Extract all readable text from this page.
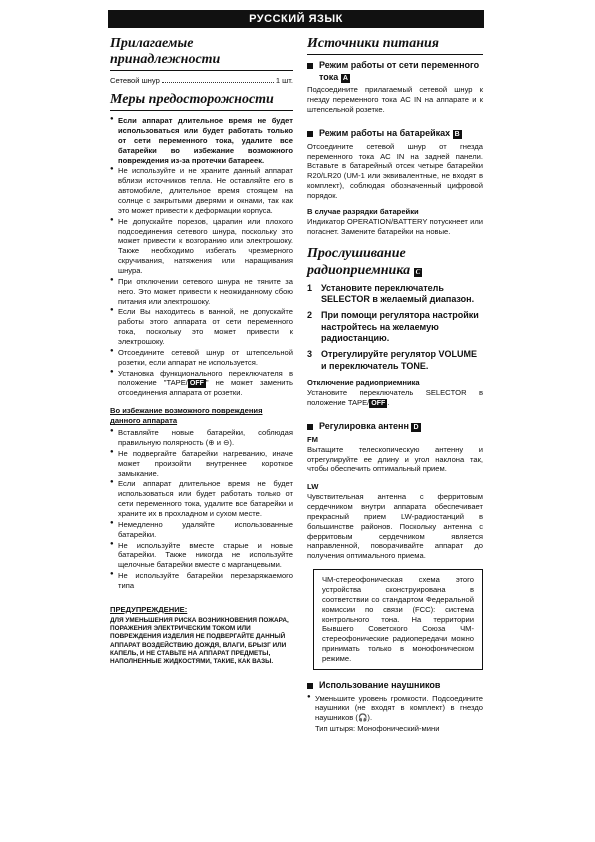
РУССКИЙ ЯЗЫК
Прилагаемые принадлежности
Сетевой шнур	1 шт.
Меры предосторожности
● Если аппарат длительное время не будет использоваться или будет работать только от сети переменного тока, удалите все батарейки во избежание возможного повреждения из-за протечки батареек.
● Не используйте и не храните данный аппарат вблизи источников тепла. Не оставляйте его в автомобиле, длительное время стоящем на солнце с закрытыми дверями и окнами, так как это может привести к деформации корпуса.
● Не допускайте порезов, царапин или плохого подсоединения сетевого шнура, поскольку это может привести к возгоранию или электрошоку. Также необходимо избегать чрезмерного скручивания, натяжения или наращивания шнура.
● При отключении сетевого шнура не тяните за него. Это может привести к неожиданному сбою питания или электрошоку.
● Если Вы находитесь в ванной, не допускайте работы этого аппарата от сети переменного тока, поскольку это может привести к электрошоку.
● Отсоедините сетевой шнур от штепсельной розетки, если аппарат не используется.
● Установка функционального переключателя в положение "TAPE/ OFF " не может заменить отсоединения аппарата от розетки.
Во избежание возможного повреждения данного аппарата
● Вставляйте новые батарейки, соблюдая правильную полярность (⊕ и ⊖).
● Не подвергайте батарейки нагреванию, иначе может произойти внутреннее короткое замыкание.
● Если аппарат длительное время не будет использоваться или будет работать только от сети переменного тока, удалите все батарейки и храните их в прохладном и сухом месте.
● Немедленно удаляйте использованные батарейки.
● Не используйте вместе старые и новые батарейки. Также никогда не используйте щелочные батарейки вместе с марганцевыми.
● Не используйте батарейки перезаряжаемого типа
ПРЕДУПРЕЖДЕНИЕ:
ДЛЯ УМЕНЬШЕНИЯ РИСКА ВОЗНИКНОВЕНИЯ ПОЖАРА, ПОРАЖЕНИЯ ЭЛЕКТРИЧЕСКИМ ТОКОМ ИЛИ ПОВРЕЖДЕНИЯ ИЗДЕЛИЯ НЕ ПОДВЕРГАЙТЕ ДАННЫЙ АППАРАТ ВОЗДЕЙСТВИЮ ДОЖДЯ, ВЛАГИ, БРЫЗГ ИЛИ КАПЕЛЬ, И НЕ СТАВЬТЕ НА АППАРАТ ПРЕДМЕТЫ, НАПОЛНЕННЫЕ ЖИДКОСТЯМИ, ТАКИЕ, КАК ВАЗЫ.
Источники питания
Режим работы от сети переменного тока A
Подсоедините прилагаемый сетевой шнур к гнезду переменного тока AC IN на аппарате и к штепсельной розетке.
Режим работы на батарейках B
Отсоедините сетевой шнур от гнезда переменного тока AC IN на задней панели. Вставьте в батарейный отсек четыре батарейки R20/LR20 (UM-1 или эквивалентные, не входят в комплект), соблюдая обозначенный цифровой порядок.
В случае разрядки батарейки
Индикатор OPERATION/BATTERY потускнеет или погаснет. Замените батарейки на новые.
Прослушивание радиоприемника C
1 Установите переключатель SELECTOR в желаемый диапазон.
2 При помощи регулятора настройки настройтесь на желаемую радиостанцию.
3 Отрегулируйте регулятор VOLUME и переключатель TONE.
Отключение радиоприемника
Установите переключатель SELECTOR в положение TAPE/ OFF .
Регулировка антенн D
FM
Вытащите телескопическую антенну и отрегулируйте ее длину и угол наклона так, чтобы обеспечить оптимальный прием.
LW
Чувствительная антенна с ферритовым сердечником внутри аппарата обеспечивает прекрасный прием LW-радиостанций в большинстве районов. Поскольку антенна с ферритовым сердечником является направленной, поворачивайте аппарат до получения оптимального приема.
ЧМ-стереофоническая схема этого устройства сконструирована в соответствии со стандартом Федеральной комиссии по связи (FCC): система контрольного тона. На территории Бывшего Советского Союза ЧМ-стереофонические радиопередачи можно принимать только в монофоническом режиме.
Использование наушников
● Уменьшите уровень громкости. Подсоедините наушники (не входят в комплект) в гнездо наушников (🎧).
Тип штыря: Монофонический-мини
